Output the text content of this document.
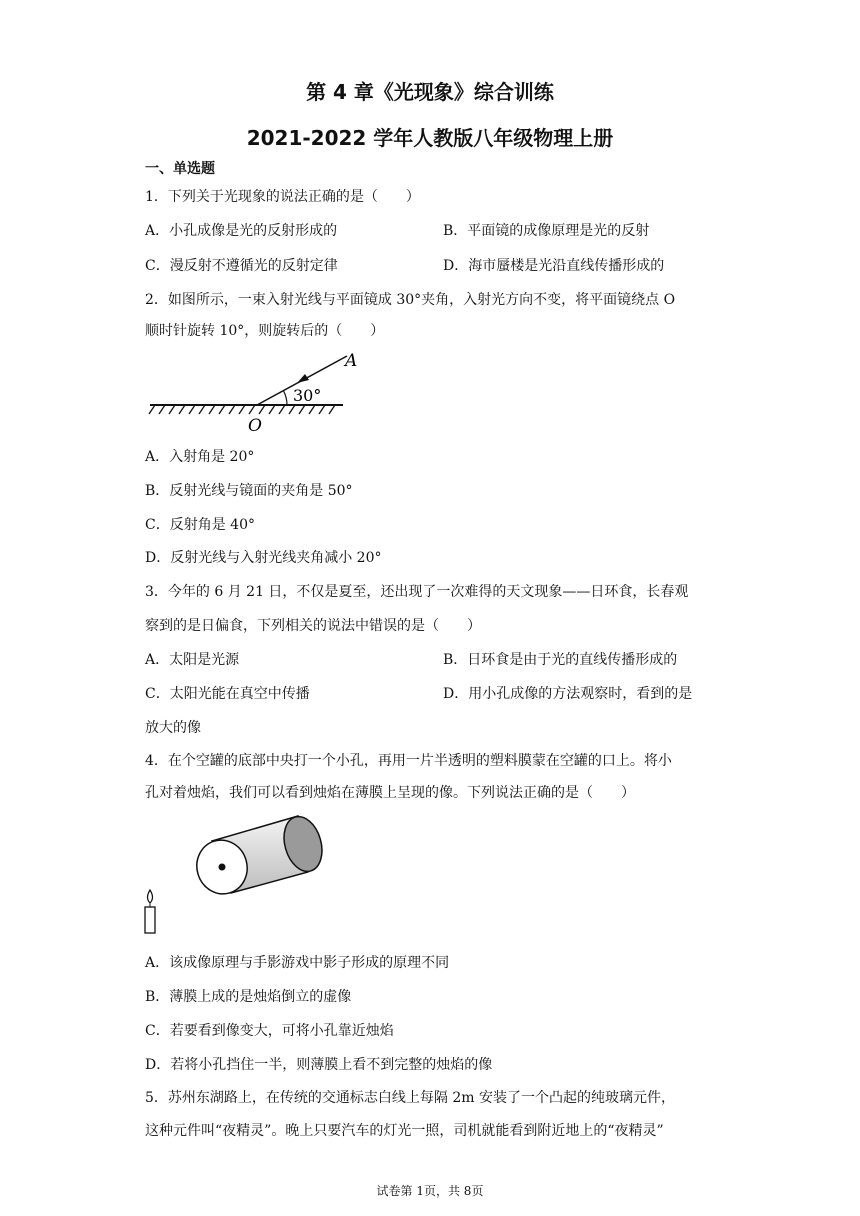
第 4 章《光现象》综合训练
2021-2022 学年人教版八年级物理上册
一、单选题
1．下列关于光现象的说法正确的是（　　）
A．小孔成像是光的反射形成的	B．平面镜的成像原理是光的反射
C．漫反射不遵循光的反射定律	D．海市蜃楼是光沿直线传播形成的
2．如图所示，一束入射光线与平面镜成 30°夹角，入射光方向不变，将平面镜绕点 O
顺时针旋转 10°，则旋转后的（　　）
30°
A
O
A．入射角是 20°
B．反射光线与镜面的夹角是 50°
C．反射角是 40°
D．反射光线与入射光线夹角减小 20°
3．今年的 6 月 21 日，不仅是夏至，还出现了一次难得的天文现象——日环食，长春观
察到的是日偏食，下列相关的说法中错误的是（　　）
A．太阳是光源	B．日环食是由于光的直线传播形成的
C．太阳光能在真空中传播	D．用小孔成像的方法观察时，看到的是
放大的像
4．在个空罐的底部中央打一个小孔，再用一片半透明的塑料膜蒙在空罐的口上。将小
孔对着烛焰，我们可以看到烛焰在薄膜上呈现的像。下列说法正确的是（　　）
A．该成像原理与手影游戏中影子形成的原理不同
B．薄膜上成的是烛焰倒立的虚像
C．若要看到像变大，可将小孔靠近烛焰
D．若将小孔挡住一半，则薄膜上看不到完整的烛焰的像
5．苏州东湖路上，在传统的交通标志白线上每隔 2m 安装了一个凸起的纯玻璃元件，
这种元件叫“夜精灵”。晚上只要汽车的灯光一照，司机就能看到附近地上的“夜精灵”
试卷第 1页，共 8页
